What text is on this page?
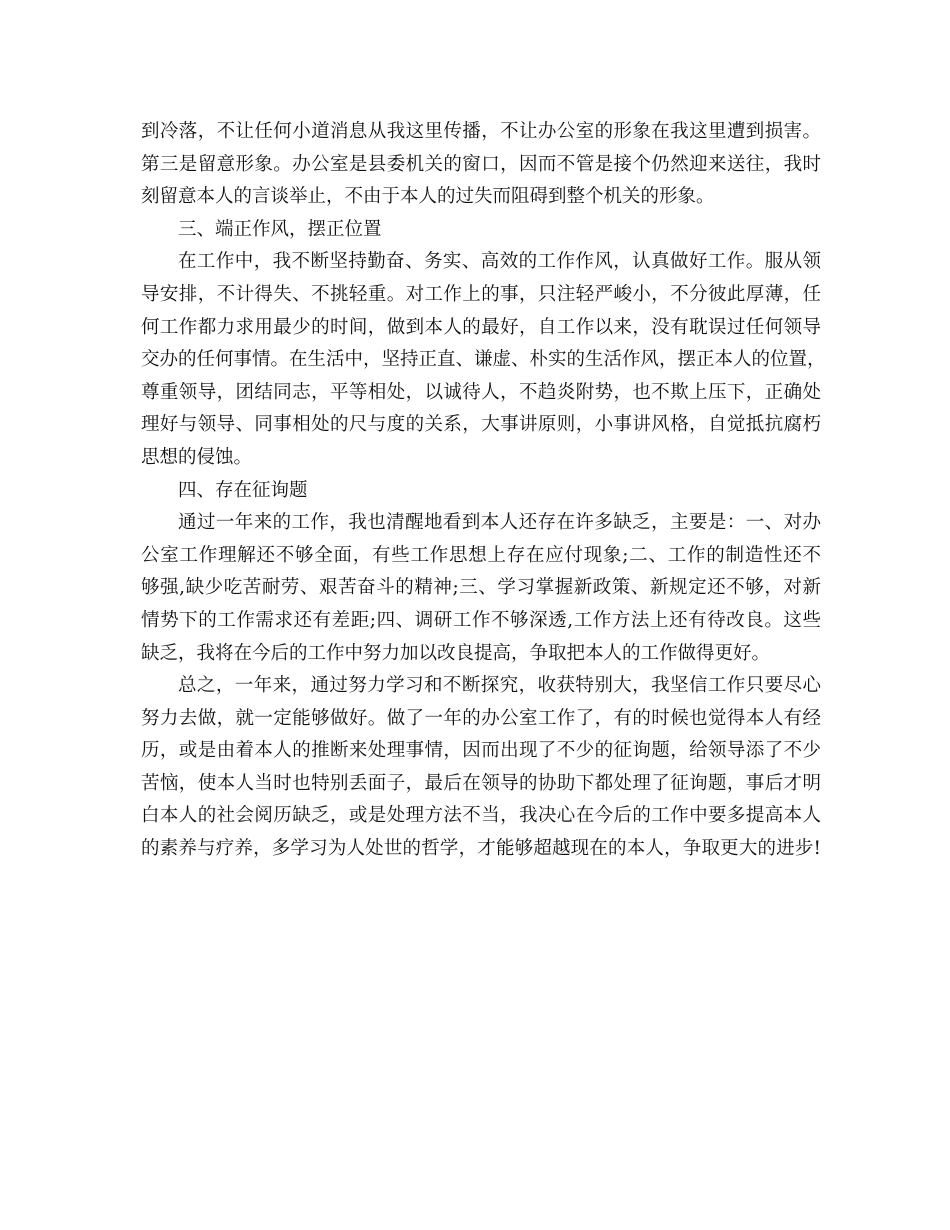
到冷落，不让任何小道消息从我这里传播，不让办公室的形象在我这里遭到损害。
第三是留意形象。办公室是县委机关的窗口，因而不管是接个仍然迎来送往，我时
刻留意本人的言谈举止，不由于本人的过失而阻碍到整个机关的形象。
三、端正作风，摆正位置
在工作中，我不断坚持勤奋、务实、高效的工作作风，认真做好工作。服从领
导安排，不计得失、不挑轻重。对工作上的事，只注轻严峻小，不分彼此厚薄，任
何工作都力求用最少的时间，做到本人的最好，自工作以来，没有耽误过任何领导
交办的任何事情。在生活中，坚持正直、谦虚、朴实的生活作风，摆正本人的位置，
尊重领导，团结同志，平等相处，以诚待人，不趋炎附势，也不欺上压下，正确处
理好与领导、同事相处的尺与度的关系，大事讲原则，小事讲风格，自觉抵抗腐朽
思想的侵蚀。
四、存在征询题
通过一年来的工作，我也清醒地看到本人还存在许多缺乏，主要是：一、对办
公室工作理解还不够全面，有些工作思想上存在应付现象;二、工作的制造性还不
够强,缺少吃苦耐劳、艰苦奋斗的精神;三、学习掌握新政策、新规定还不够，对新
情势下的工作需求还有差距;四、调研工作不够深透,工作方法上还有待改良。这些
缺乏，我将在今后的工作中努力加以改良提高，争取把本人的工作做得更好。
总之，一年来，通过努力学习和不断探究，收获特别大，我坚信工作只要尽心
努力去做，就一定能够做好。做了一年的办公室工作了，有的时候也觉得本人有经
历，或是由着本人的推断来处理事情，因而出现了不少的征询题，给领导添了不少
苦恼，使本人当时也特别丢面子，最后在领导的协助下都处理了征询题，事后才明
白本人的社会阅历缺乏，或是处理方法不当，我决心在今后的工作中要多提高本人
的素养与疗养，多学习为人处世的哲学，才能够超越现在的本人，争取更大的进步!
